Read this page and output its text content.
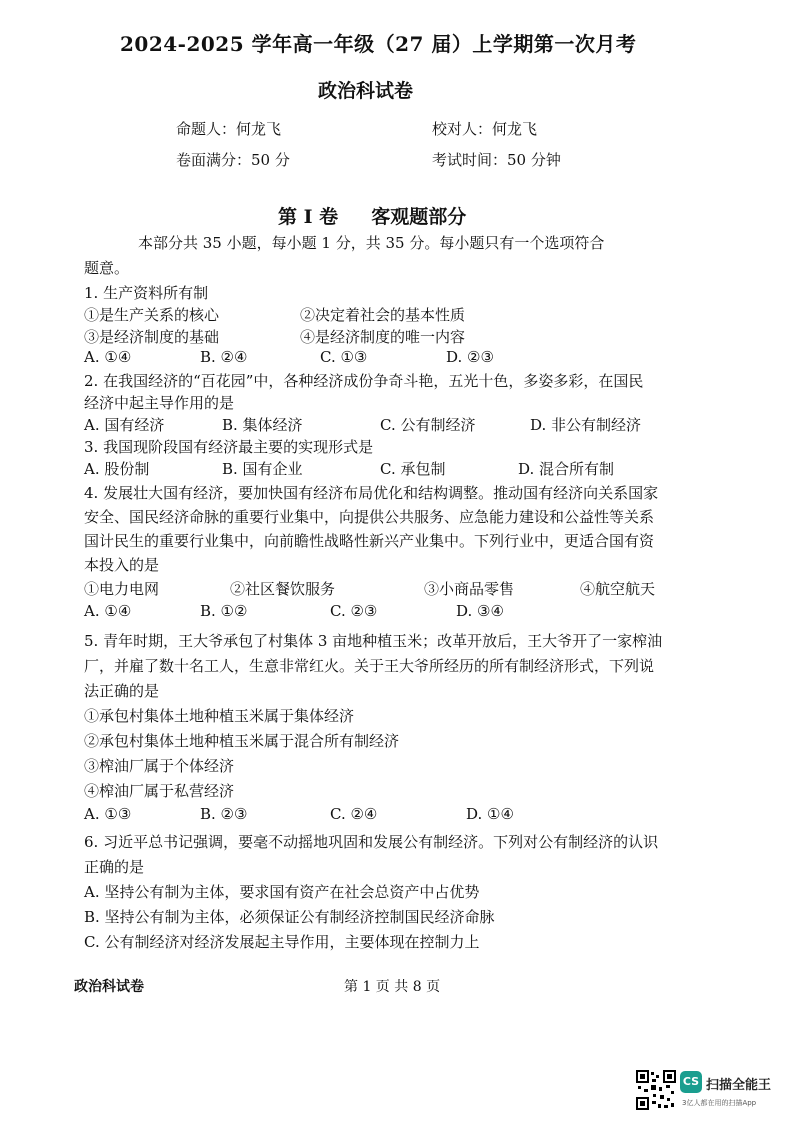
2024-2025 学年高一年级（27 届）上学期第一次月考
政治科试卷
命题人：何龙飞	校对人：何龙飞
卷面满分：50 分	考试时间：50 分钟
第 I 卷     客观题部分
本部分共 35 小题，每小题 1 分，共 35 分。每小题只有一个选项符合
题意。
1. 生产资料所有制
①是生产关系的核心	②决定着社会的基本性质
③是经济制度的基础	④是经济制度的唯一内容
A. ①④	B. ②④	C. ①③	D. ②③
2. 在我国经济的“百花园”中，各种经济成份争奇斗艳，五光十色，多姿多彩，在国民
经济中起主导作用的是
A. 国有经济	B. 集体经济	C. 公有制经济	D. 非公有制经济
3. 我国现阶段国有经济最主要的实现形式是
A. 股份制	B. 国有企业	C. 承包制	D. 混合所有制
4. 发展壮大国有经济，要加快国有经济布局优化和结构调整。推动国有经济向关系国家
安全、国民经济命脉的重要行业集中，向提供公共服务、应急能力建设和公益性等关系
国计民生的重要行业集中，向前瞻性战略性新兴产业集中。下列行业中，更适合国有资
本投入的是
①电力电网	②社区餐饮服务	③小商品零售	④航空航天
A. ①④	B. ①②	C. ②③	D. ③④
5. 青年时期，王大爷承包了村集体 3 亩地种植玉米；改革开放后，王大爷开了一家榨油
厂，并雇了数十名工人，生意非常红火。关于王大爷所经历的所有制经济形式，下列说
法正确的是
①承包村集体土地种植玉米属于集体经济
②承包村集体土地种植玉米属于混合所有制经济
③榨油厂属于个体经济
④榨油厂属于私营经济
A. ①③	B. ②③	C. ②④	D. ①④
6. 习近平总书记强调，要毫不动摇地巩固和发展公有制经济。下列对公有制经济的认识
正确的是
A. 坚持公有制为主体，要求国有资产在社会总资产中占优势
B. 坚持公有制为主体，必须保证公有制经济控制国民经济命脉
C. 公有制经济对经济发展起主导作用，主要体现在控制力上
政治科试卷	第 1 页 共 8 页
CS 扫描全能王
3亿人都在用的扫描App
